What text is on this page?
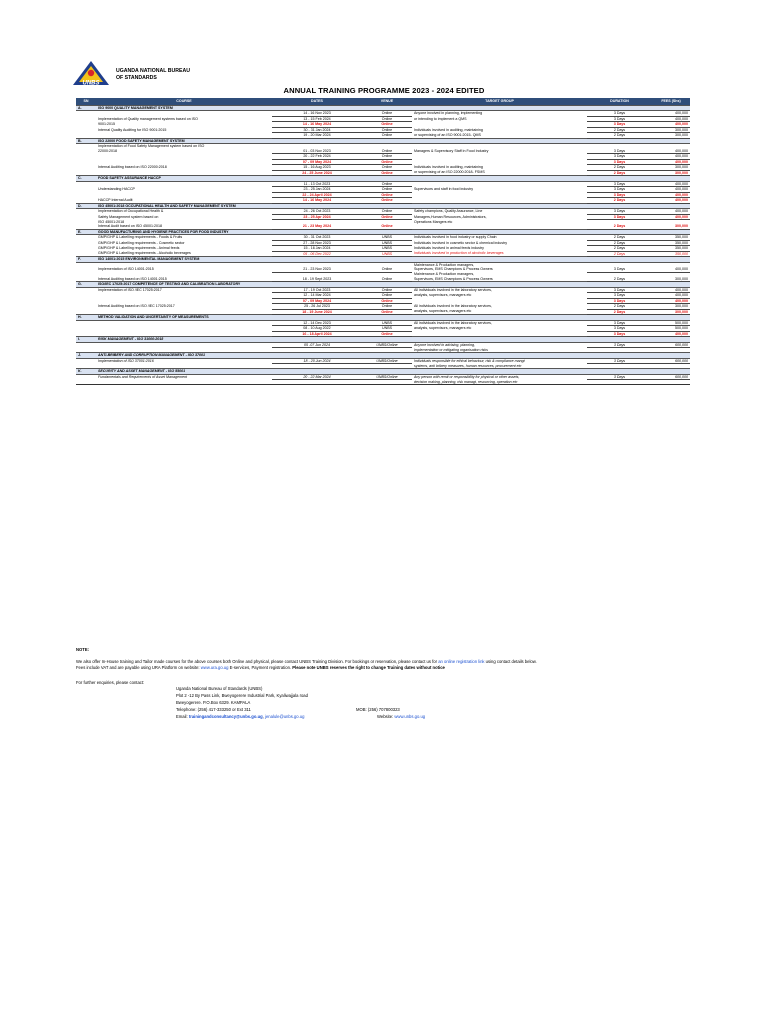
UNBS
UGANDA NATIONAL BUREAU
OF STANDARDS
ANNUAL TRAINING PROGRAMME 2023 - 2024 EDITED
SN	COURSE	DATES	VENUE	TARGET GROUP	DURATION	FEES (Shs)
A.	ISO 9000 QUALITY MANAGEMENT SYSTEM					
		14 - 16 Nov 2023	Online	Anyone involved in planning, implementing	3 Days	400,000
	Implementation of Quality management systems based on ISO	13 - 15 Feb 2024	Online	or intending to implement a QMS	3 Days	400,000
	9001:2015	14 - 16 May 2024	Online		3 Days	400,000
	Internal Quality Auditing for ISO 9001:2015	30 - 31 Jan 2024	Online	Individuals involved in auditing, maintaining	2 Days	300,000
		19 - 20 Mar 2024	Online	or supervising of an ISO 9001:2015- QMS	2 Days	300,000
B.	ISO 22000 FOOD SAFETY MANAGEMENT SYSTEM					
	Implementation of Food Safety Management system based on ISO					
	22000:2018	01 - 03 Nov 2023	Online	Managers & Supervisory Staff in Food Industry	3 Days	400,000
		20 - 22 Feb 2024	Online		3 Days	400,000
		07 - 09 May 2024	Online		3 Days	400,000
	Internal Auditing based on ISO 22000:2018	15 - 16 Aug 2023	Online	Individuals involved in auditing, maintaining	2 Days	300,000
		24 - 25 June 2024	Online	or supervising of an ISO 22000:2018- FSMS	2 Days	300,000
C.	FOOD SAFETY ASSURANCE HACCP					
		11 - 13 Oct 2023	Online		3 Days	400,000
	Understanding HACCP	23 - 25 Jan 2024	Online	Supervisors and staff in food industry	3 Days	400,000
		22 - 24 April 2024	Online		3 Days	400,000
	HACCP Internal Audit	14 - 16 May 2024	Online		2 Days	400,000
D.	ISO 45001:2018 OCCUPATIONAL HEALTH AND SAFETY MANAGEMENT SYSTEM					
	Implementation of Occupational Health &	24 - 26 Oct 2023	Online	Safety champions, Quality Assurance, Line	3 Days	400,000
	Safety Management system based on	23 - 25 Apr 2024	Online	Managers,Human Resources, Administrators,	3 Days	400,000
	ISO 45001:2018			Operations Mangers etc		
	Internal Audit based on ISO 45001:2018	21 - 23 May 2024	Online		2 Days	300,000
E.	GOOD MANUFACTURING AND HYGIENE PRACTICES FOR FOOD INDUSTRY					
	GMP/GHP & Labelling requirements - Foods & Fruits	30 - 31 Oct 2023	UNBS	Individuals involved in food industry or supply Chain	2 Days	350,000
	GMP/GHP & Labelling requirements - Cosmetic sector	27 - 28 Nov 2023	UNBS	Individuals involved in cosmetic sector & chemical industry	2 Days	350,000
	GMP/GHP & Labelling requirements - Animal feeds	15 - 16 Jan 2024	UNBS	Individuals involved in animal feeds industry	2 Days	350,000
	GMP/GHP & Labelling requirements - Alcoholic beverages	05 - 06 Dec 2022	UNBS	Individuals involved in production of alcoholic beverages	2 Days	350,000
F.	ISO 14001:2015 ENVIRONMENTAL MANAGEMENT SYSTEM					
				Maintenance & Production managers,		
	Implementation of ISO 14001:2015	21 - 23 Nov 2023	Online	Supervisors, EMS Champions & Process Owners	3 Days	400,000
				Maintenance & Production managers,		
	Internal Auditing based on ISO 14001:2015	18 - 19 Sept 2023	Online	Supervisors, EMS Champions & Process Owners	2 Days	300,000
G.	ISO/IEC 17025:2017 COMPETENCE OF TESTING AND CALIBRATION LABORATORY					
	Implementation of ISO /IEC 17025:2017	17 - 19 Oct 2023	Online	All individuals involved in the laboratory services,	3 Days	400,000
		12 - 14 Mar 2024	Online	analysts, supervisors, managers etc	3 Days	400,000
		07 - 09 May 2024	Online		3 Days	400,000
	Internal Auditing based on ISO /IEC 17025:2017	25 - 26 Jul 2023	Online	All individuals involved in the laboratory services,	2 Days	300,000
		18 - 19 June 2024	Online	analysts, supervisors, managers etc	2 Days	300,000
H.	METHOD VALIDATION AND UNCERTAINTY OF MEASUREMENTS					
		12 - 14 Dec 2023	UNBS	All individuals involved in the laboratory services,	3 Days	500,000
		08 - 10 Aug 2022	UNBS	analysts, supervisors, managers etc	3 Days	500,000
		16 - 18 April 2024	Online		3 Days	400,000
I.	RISK MANAGEMENT - ISO 31000:2018					
		05 -07 Jun 2024	UNBS/Online	Anyone involved in advising, planning,	3 Days	600,000
				implementation or mitigating organisation risks		
J.	ANTI-BRIBERY AND CORRUPTION MANAGEMENT - ISO 37001					
	Implementation of ISO 37001:2016	18 - 20 Jun 2024	UNBS/Online	Individuals responsible for ethical behaviour, risk & compliance mangt	3 Days	600,000
				systems, anti bribery measures, human resources, procurement etc		
K.	SECURITY AND ASSET MANAGEMENT - ISO 55001					
	Fundamentals and Requirements of Asset Management	20 - 22 Mar 2024	UNBS/Online	Any person with remit or responsibility for physical or other assets,	3 Days	600,000
				decision making, planning, risk managt, resourcing, operation etc		
NOTE:
We also offer In-House training and Tailor made courses for the above courses both Online and physical, please contact UNBS Training Division. For bookings or reservation, please contact us for an online registration link using contact details below.
Fees include VAT and are payable using URA Platform on website: www.ura.go.ug E-services, Payment registration. Please note UNBS reserves the right to change Training dates without notice
For further enquiries, please contact:
Uganda National Bureau of Standards (UNBS)
Plot 2 -12 By Pass Link, Bweyogerere Industrial Park, Kyaliwajjala road
Bweyogerere. P.O.Box 6329. KAMPALA
Telephone: (256) 417-333250 or Ext 311	MOB: (256) 707800323
Email: trainingandconsultancy@unbs.go.ug, jenalule@unbs.go.ug	Website: www.unbs.go.ug
